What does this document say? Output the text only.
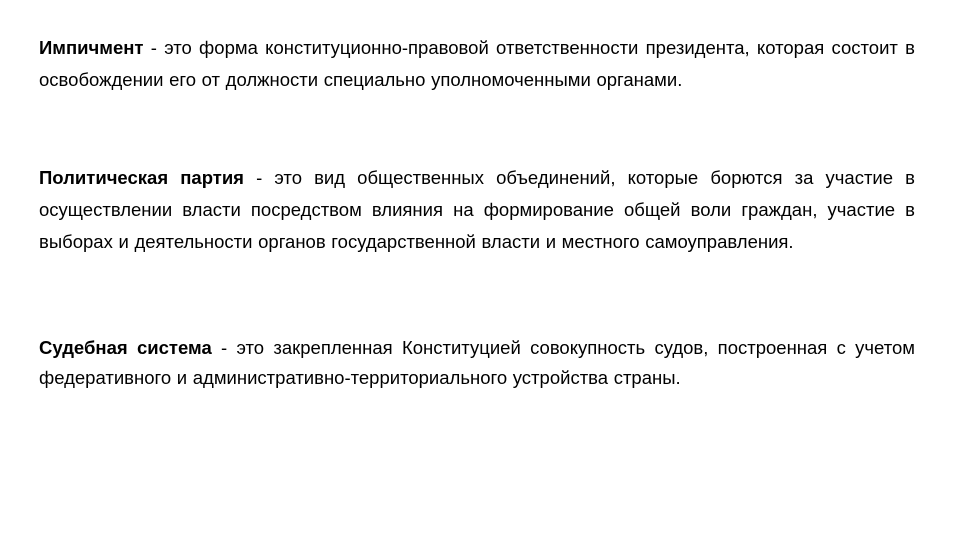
Импичмент - это форма конституционно-правовой ответственности президента, которая состоит в освобождении его от должности специально уполномоченными органами.

Политическая партия - это вид общественных объединений, которые борются за участие в осуществлении власти посредством влияния на формирование общей воли граждан, участие в выборах и деятельности органов государственной власти и местного самоуправления.

Судебная система - это закрепленная Конституцией совокупность судов, построенная с учетом федеративного и административно-территориального устройства страны.
